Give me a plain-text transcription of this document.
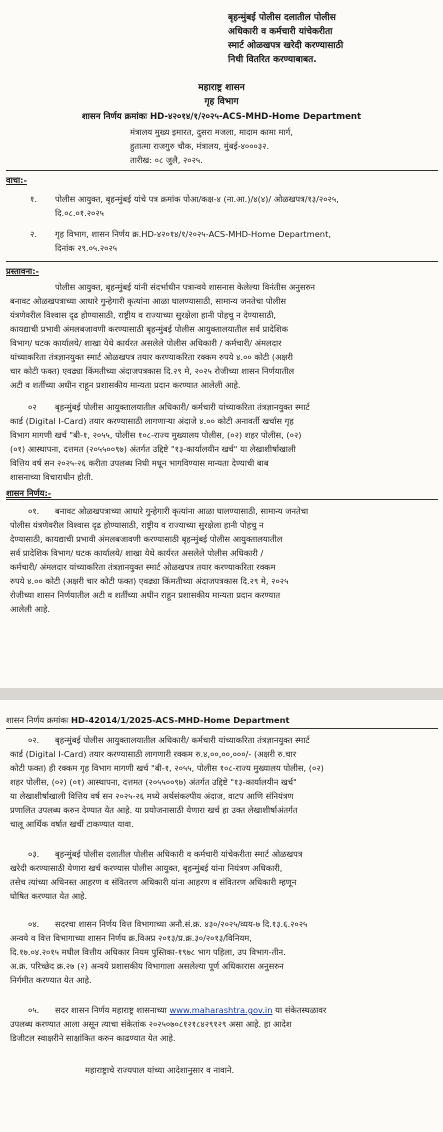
बृहन्मुंबई पोलीस दलातील पोलीस
अधिकारी व कर्मचारी यांचेकरीता
स्मार्ट ओळखपत्र खरेदी करण्यासाठी
निधी वितरित करण्याबाबत.
महाराष्ट्र शासन
गृह विभाग
शासन निर्णय क्रमांकः HD-४२०१४/१/२०२५-ACS-MHD-Home Department
मंत्रालय मुख्य इमारत, दुसरा मजला, मादाम कामा मार्ग,
हुतात्मा राजगुरु चौक, मंत्रालय, मुंबई-४०००३२.
तारीख: ०८ जुलै, २०२५.
वाचा:-
१. पोलीस आयुक्त, बृहन्मुंबई यांचे पत्र क्रमांक पोआ/कक्ष-४ (ना.आ.)/४(४)/ ओळखपत्र/१३/२०२५,
दि.०८.०१.२०२५
२. गृह विभाग, शासन निर्णय क्र.HD-४२०१४/१/२०२५-ACS-MHD-Home Department,
दिनांक २९.०५.२०२५
प्रस्तावना:-
पोलीस आयुक्त, बृहन्मुंबई यांनी संदर्भाधीन पत्रान्वये शासनास केलेल्या विनंतीस अनुसरुन
बनावट ओळखपत्राच्या आधारे गुन्हेगारी कृत्यांना आळा घालण्यासाठी, सामान्य जनतेचा पोलीस
यंत्रणेवरील विश्वास दृढ होण्यासाठी, राष्ट्रीय व राज्याच्या सुरक्षेला हानी पोहचु न देण्यासाठी,
कायद्याची प्रभावी अंमलबजावणी करण्यासाठी बृहन्मुंबई पोलीस आयुक्तालयातील सर्व प्रादेशिक
विभाग/ घटक कार्यालये/ शाखा येथे कार्यरत असलेले पोलीस अधिकारी / कर्मचारी/ अंमलदार
यांच्याकरिता तंत्रज्ञानयुक्त स्मार्ट ओळखपत्र तयार करण्याकरिता रक्कम रुपये ४.०० कोटी (अक्षरी
चार कोटी फक्त) एवढ्या किंमतीच्या अंदाजपत्रकास दि.२९ मे, २०२५ रोजीच्या शासन निर्णयातील
अटी व शर्तींच्या अधीन राहून प्रशासकीय मान्यता प्रदान करण्यात आलेली आहे.
०२ बृहन्मुंबई पोलीस आयुक्तालयातील अधिकारी/ कर्मचारी यांच्याकरिता तंत्रज्ञानयुक्त स्मार्ट
कार्ड (Digital I-Card) तयार करण्यासाठी लागणाऱ्या अंदाजे ४.०० कोटी अनावर्ती खर्चास गृह
विभाग मागणी खर्च "बी-१, २०५५, पोलीस १०८-राज्य मुख्यालय पोलीस, (०२) शहर पोलीस, (०२)
(०१) आस्थापना, दत्तमत (२०५५००९७) अंतर्गत उद्दिष्टे "१३-कार्यालयीन खर्च" या लेखाशीर्षाखाली
वित्तिय वर्ष सन २०२५-२६ करीता उपलब्ध निधी मधून भागविण्यास मान्यता देण्याची बाब
शासनाच्या विचाराधीन होती.
शासन निर्णय:-
०१. बनावट ओळखपत्राच्या आधारे गुन्हेगारी कृत्यांना आळा घालण्यासाठी, सामान्य जनतेचा
पोलीस यंत्रणेवरील विश्वास दृढ होण्यासाठी, राष्ट्रीय व राज्याच्या सुरक्षेला हानी पोहचु न
देण्यासाठी, कायद्याची प्रभावी अंमलबजावणी करण्यासाठी बृहन्मुंबई पोलीस आयुक्तालयातील
सर्व प्रादेशिक विभाग/ घटक कार्यालये/ शाखा येथे कार्यरत असलेले पोलीस अधिकारी /
कर्मचारी/ अंमलदार यांच्याकरिता तंत्रज्ञानयुक्त स्मार्ट ओळखपत्र तयार करण्याकरिता रक्कम
रुपये ४.०० कोटी (अक्षरी चार कोटी फक्त) एवढ्या किंमतीच्या अंदाजपत्रकास दि.२९ मे, २०२५
रोजीच्या शासन निर्णयातील अटी व शर्तींच्या अधीन राहून प्रशासकीय मान्यता प्रदान करण्यात
आलेली आहे.
शासन निर्णय क्रमांकः HD-42014/1/2025-ACS-MHD-Home Department
०२. बृहन्मुंबई पोलीस आयुक्तालयातील अधिकारी/ कर्मचारी यांच्याकरिता तंत्रज्ञानयुक्त स्मार्ट
कार्ड (Digital I-Card) तयार करण्यासाठी लागणारी रक्कम रु.४,००,००,०००/- (अक्षरी रु.चार
कोटी फक्त) ही रक्कम गृह विभाग मागणी खर्च "बी-१, २०५५, पोलीस १०८-राज्य मुख्यालय पोलीस, (०२)
शहर पोलीस, (०२) (०१) आस्थापना, दत्तमत (२०५५००९७) अंतर्गत उद्दिष्टे "१३-कार्यालयीन खर्च"
या लेखाशीर्षाखाली वित्तिय वर्ष सन २०२५-२६ मध्ये अर्थसंकल्पीय अंदाज, वाटप आणि संनियंत्रण
प्रणालित उपलब्ध करुन देण्यात येत आहे. या प्रयोजनासाठी येणारा खर्च हा उक्त लेखाशीर्षाअंतर्गत
चालू आर्थिक वर्षात खर्ची टाकण्यात यावा.
०३. बृहन्मुंबई पोलीस दलातील पोलीस अधिकारी व कर्मचारी यांचेकरीता स्मार्ट ओळखपत्र
खरेदी करण्यासाठी येणारा खर्च करण्यास पोलीस आयुक्त, बृहन्मुंबई यांना नियंत्रण अधिकारी,
तसेच त्यांच्या अधिनस्त आहरण व संवितरण अधिकारी यांना आहरण व संवितरण अधिकारी म्हणून
घोषित करण्यात येत आहे.
०४. सदरचा शासन निर्णय वित्त विभागाच्या अनौ.सं.क्र. ४३०/२०२५/व्यय-७ दि.१३.६.२०२५
अन्वये व वित्त विभागाच्या शासन निर्णय क्र.विअप्र २०१३/प्र.क्र.३०/२०१३/विनियम,
दि.१७.०४.२०१५ मधील वित्तीय अधिकार नियम पुस्तिका-१९७८ भाग पहिला, उप विभाग-तीन.
अ.क्र. परिच्छेद क्र.२७ (२) अन्वये प्रशासकीय विभागाला असलेल्या पूर्ण अधिकारास अनुसरुन
निर्गमीत करण्यात येत आहे.
०५. सदर शासन निर्णय महाराष्ट्र शासनाच्या www.maharashtra.gov.in या संकेतस्थळावर
उपलब्ध करण्यात आला असून त्याचा संकेतांक २०२५०७०८१२१८४२९१२९ असा आहे. हा आदेश
डिजीटल स्वाक्षरीने साक्षांकित करुन काढण्यात येत आहे.
महाराष्ट्राचे राज्यपाल यांच्या आदेशानुसार व नावाने.
